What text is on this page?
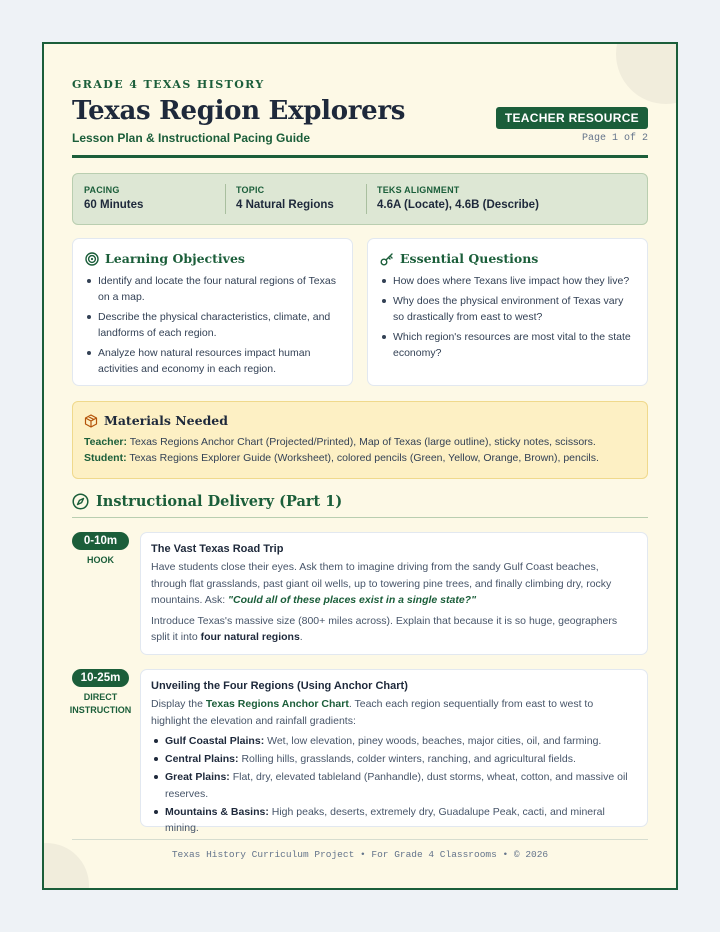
GRADE 4 TEXAS HISTORY
Texas Region Explorers
Lesson Plan & Instructional Pacing Guide
TEACHER RESOURCE
Page 1 of 2
PACING
60 Minutes
TOPIC
4 Natural Regions
TEKS ALIGNMENT
4.6A (Locate), 4.6B (Describe)
Learning Objectives
Identify and locate the four natural regions of Texas on a map.
Describe the physical characteristics, climate, and landforms of each region.
Analyze how natural resources impact human activities and economy in each region.
Essential Questions
How does where Texans live impact how they live?
Why does the physical environment of Texas vary so drastically from east to west?
Which region's resources are most vital to the state economy?
Materials Needed
Teacher: Texas Regions Anchor Chart (Projected/Printed), Map of Texas (large outline), sticky notes, scissors.
Student: Texas Regions Explorer Guide (Worksheet), colored pencils (Green, Yellow, Orange, Brown), pencils.
Instructional Delivery (Part 1)
0-10m
HOOK
The Vast Texas Road Trip

Have students close their eyes. Ask them to imagine driving from the sandy Gulf Coast beaches, through flat grasslands, past giant oil wells, up to towering pine trees, and finally climbing dry, rocky mountains. Ask: "Could all of these places exist in a single state?"

Introduce Texas's massive size (800+ miles across). Explain that because it is so huge, geographers split it into four natural regions.

10-25m
DIRECT
INSTRUCTION
Unveiling the Four Regions (Using Anchor Chart)

Display the Texas Regions Anchor Chart. Teach each region sequentially from east to west to highlight the elevation and rainfall gradients:

Gulf Coastal Plains: Wet, low elevation, piney woods, beaches, major cities, oil, and farming.
Central Plains: Rolling hills, grasslands, colder winters, ranching, and agricultural fields.
Great Plains: Flat, dry, elevated tableland (Panhandle), dust storms, wheat, cotton, and massive oil reserves.
Mountains & Basins: High peaks, deserts, extremely dry, Guadalupe Peak, cacti, and mineral mining.
Texas History Curriculum Project • For Grade 4 Classrooms • © 2026
